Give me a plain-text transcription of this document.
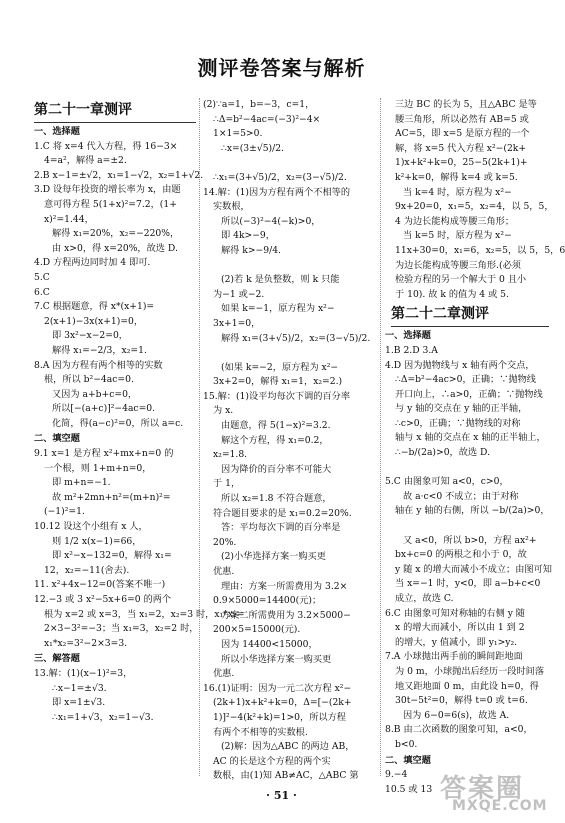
测评卷答案与解析
第二十一章测评
一、选择题
1.C 将 x=4 代入方程，得 16−3×
4=a²，解得 a=±2.
2.B x−1=±√2，x₁=1−√2，x₂=1+√2.
3.D 设每年投资的增长率为 x，由题
意可得方程 5(1+x)²=7.2，(1+
x)²=1.44，
解得 x₁=20%，x₂=−220%，
由 x>0，得 x=20%，故选 D.
4.D 方程两边同时加 4 即可.
5.C
6.C
7.C 根据题意，得 x*(x+1)=
2(x+1)−3x(x+1)=0，
即 3x²−x−2=0，
解得 x₁=−2/3，x₂=1.
8.A 因为方程有两个相等的实数
根，所以 b²−4ac=0.
又因为 a+b+c=0，
所以[−(a+c)]²−4ac=0.
化简，得(a−c)²=0，所以 a=c.
二、填空题
9.1 x=1 是方程 x²+mx+n=0 的
一个根，则 1+m+n=0，
即 m+n=−1.
故 m²+2mn+n²=(m+n)²=
(−1)²=1.
10.12 设这个小组有 x 人，
则 1/2 x(x−1)=66，
即 x²−x−132=0，解得 x₁=
12，x₂=−11(舍去).
11. x²+4x−12=0(答案不唯一)
12.−3 或 3 x²−5x+6=0 的两个
根为 x=2 或 x=3，当 x₁=2，x₂=3 时，x₁*x₂=
2×3−3²=−3；当 x₁=3，x₂=2 时，
x₁*x₂=3²−2×3=3.
三、解答题
13.解：(1)(x−1)²=3，
∴x−1=±√3.
即 x=1±√3.
∴x₁=1+√3，x₂=1−√3.
(2)∵a=1，b=−3，c=1，
∴Δ=b²−4ac=(−3)²−4×
1×1=5>0.
∴x=(3±√5)/2.

∴x₁=(3+√5)/2，x₂=(3−√5)/2.
14.解：(1)因为方程有两个不相等的
实数根，
所以(−3)²−4(−k)>0，
即 4k>−9，
解得 k>−9/4.

(2)若 k 是负整数，则 k 只能
为−1 或−2.
如果 k=−1，原方程为 x²−
3x+1=0，
解得 x₁=(3+√5)/2，x₂=(3−√5)/2.

(如果 k=−2，原方程为 x²−
3x+2=0，解得 x₁=1，x₂=2.)
15.解：(1)设平均每次下调的百分率
为 x.
由题意，得 5(1−x)²=3.2.
解这个方程，得 x₁=0.2，
x₂=1.8.
因为降价的百分率不可能大
于 1，
所以 x₂=1.8 不符合题意，
符合题目要求的是 x₁=0.2=20%.
答：平均每次下调的百分率是
20%.
(2)小华选择方案一购买更
优惠.
理由：方案一所需费用为 3.2×
0.9×5000=14400(元)；
方案二所需费用为 3.2×5000−
200×5=15000(元).
因为 14400<15000，
所以小华选择方案一购买更
优惠.
16.(1)证明：因为一元二次方程 x²−
(2k+1)x+k²+k=0，Δ=[−(2k+
1)]²−4(k²+k)=1>0，所以方程
有两个不相等的实数根.
(2)解：因为△ABC 的两边 AB，
AC 的长是这个方程的两个实
数根，由(1)知 AB≠AC，△ABC 第
三边 BC 的长为 5，且△ABC 是等
腰三角形，所以必然有 AB=5 或
AC=5，即 x=5 是原方程的一个
解，将 x=5 代入方程 x²−(2k+
1)x+k²+k=0，25−5(2k+1)+
k²+k=0，解得 k=4 或 k=5.
当 k=4 时，原方程为 x²−
9x+20=0，x₁=5，x₂=4，以 5，5，
4 为边长能构成等腰三角形；
当 k=5 时，原方程为 x²−
11x+30=0，x₁=6，x₂=5，以 5，5，6
为边长能构成等腰三角形.(必须
检验方程的另一个解大于 0 且小
于 10). 故 k 的值为 4 或 5.
第二十二章测评
一、选择题
1.B 2.D 3.A
4.D 因为抛物线与 x 轴有两个交点，
∴Δ=b²−4ac>0，正确；∵抛物线
开口向上，∴a>0，正确；∵抛物线
与 y 轴的交点在 y 轴的正半轴，
∴c>0，正确；∵抛物线的对称
轴与 x 轴的交点在 x 轴的正半轴上，
∴−b/(2a)>0，故选 D.

5.C 由图象可知 a<0，c>0，
故 a·c<0 不成立；由于对称
轴在 y 轴的右侧，所以 −b/(2a)>0，

又 a<0，所以 b>0，方程 ax²+
bx+c=0 的两根之和小于 0，故
y 随 x 的增大而减小不成立；由图可知
当 x=−1 时，y<0，即 a−b+c<0
成立，故选 C.
6.C 由图象可知对称轴的右侧 y 随
x 的增大而减小，所以由 1 到 2
的增大，y 值减小，即 y₁>y₂.
7.A 小球抛出两手前的瞬间距地面
为 0 m，小球抛出后经历一段时间落
地又距地面 0 m，由此设 h=0，得
30t−5t²=0，解得 t=0 或 t=6.
因为 6−0=6(s)，故选 A.
8.B 由二次函数的图象可知，a<0，
b<0.
二、填空题
9.−4
10.5 或 13
· 51 ·	答案圈
MXQE.COM
